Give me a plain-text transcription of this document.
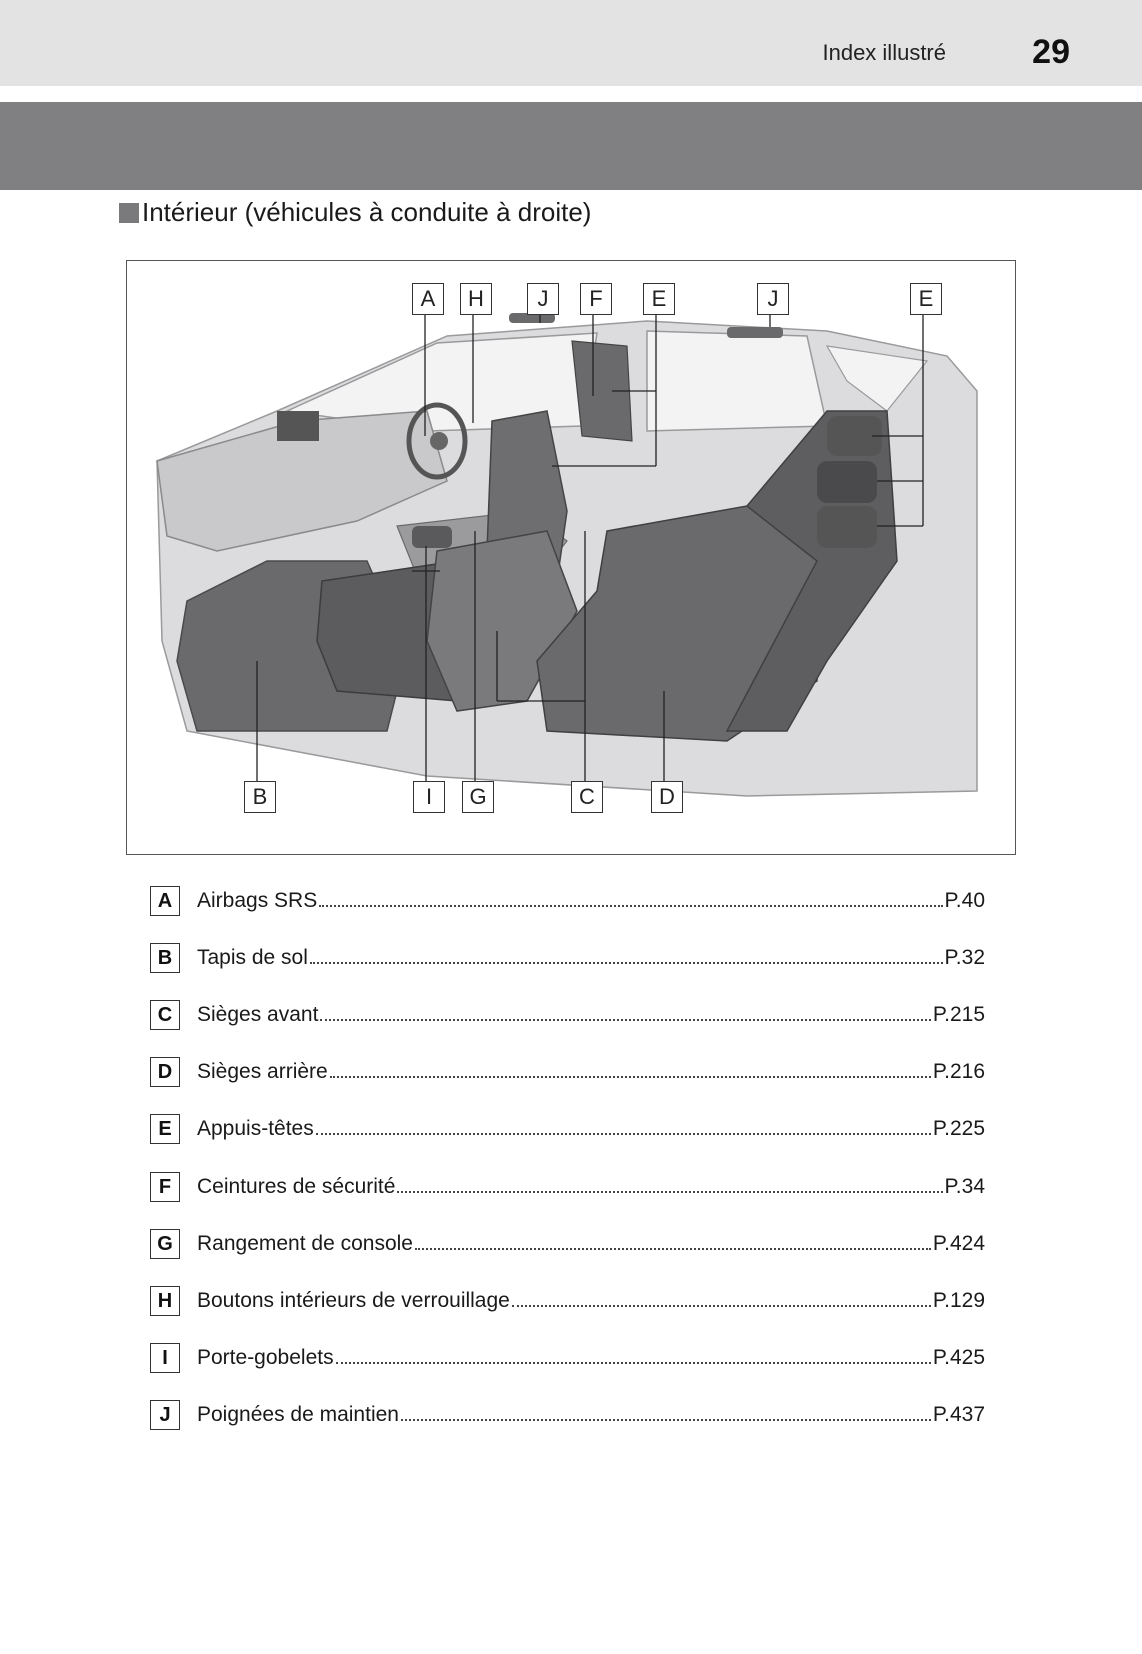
Index illustré	29
Intérieur (véhicules à conduite à droite)
A	H	J	F	E	J	E
B	I	G	C	D
A	Airbags SRS	P.40
B	Tapis de sol	P.32
C	Sièges avant	P.215
D	Sièges arrière	P.216
E	Appuis-têtes	P.225
F	Ceintures de sécurité	P.34
G	Rangement de console	P.424
H	Boutons intérieurs de verrouillage	P.129
I	Porte-gobelets	P.425
J	Poignées de maintien	P.437
